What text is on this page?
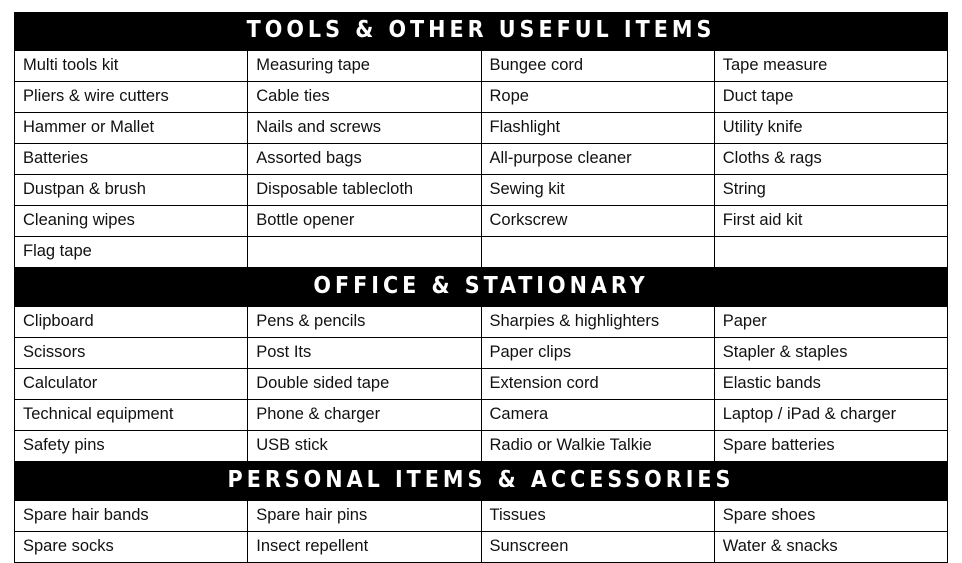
TOOLS & OTHER USEFUL ITEMS
Multi tools kit	Measuring tape	Bungee cord	Tape measure
Pliers & wire cutters	Cable ties	Rope	Duct tape
Hammer or Mallet	Nails and screws	Flashlight	Utility knife
Batteries	Assorted bags	All-purpose cleaner	Cloths & rags
Dustpan & brush	Disposable tablecloth	Sewing kit	String
Cleaning wipes	Bottle opener	Corkscrew	First aid kit
Flag tape			
OFFICE & STATIONARY
Clipboard	Pens & pencils	Sharpies & highlighters	Paper
Scissors	Post Its	Paper clips	Stapler & staples
Calculator	Double sided tape	Extension cord	Elastic bands
Technical equipment	Phone & charger	Camera	Laptop / iPad & charger
Safety pins	USB stick	Radio or Walkie Talkie	Spare batteries
PERSONAL ITEMS & ACCESSORIES
Spare hair bands	Spare hair pins	Tissues	Spare shoes
Spare socks	Insect repellent	Sunscreen	Water & snacks
